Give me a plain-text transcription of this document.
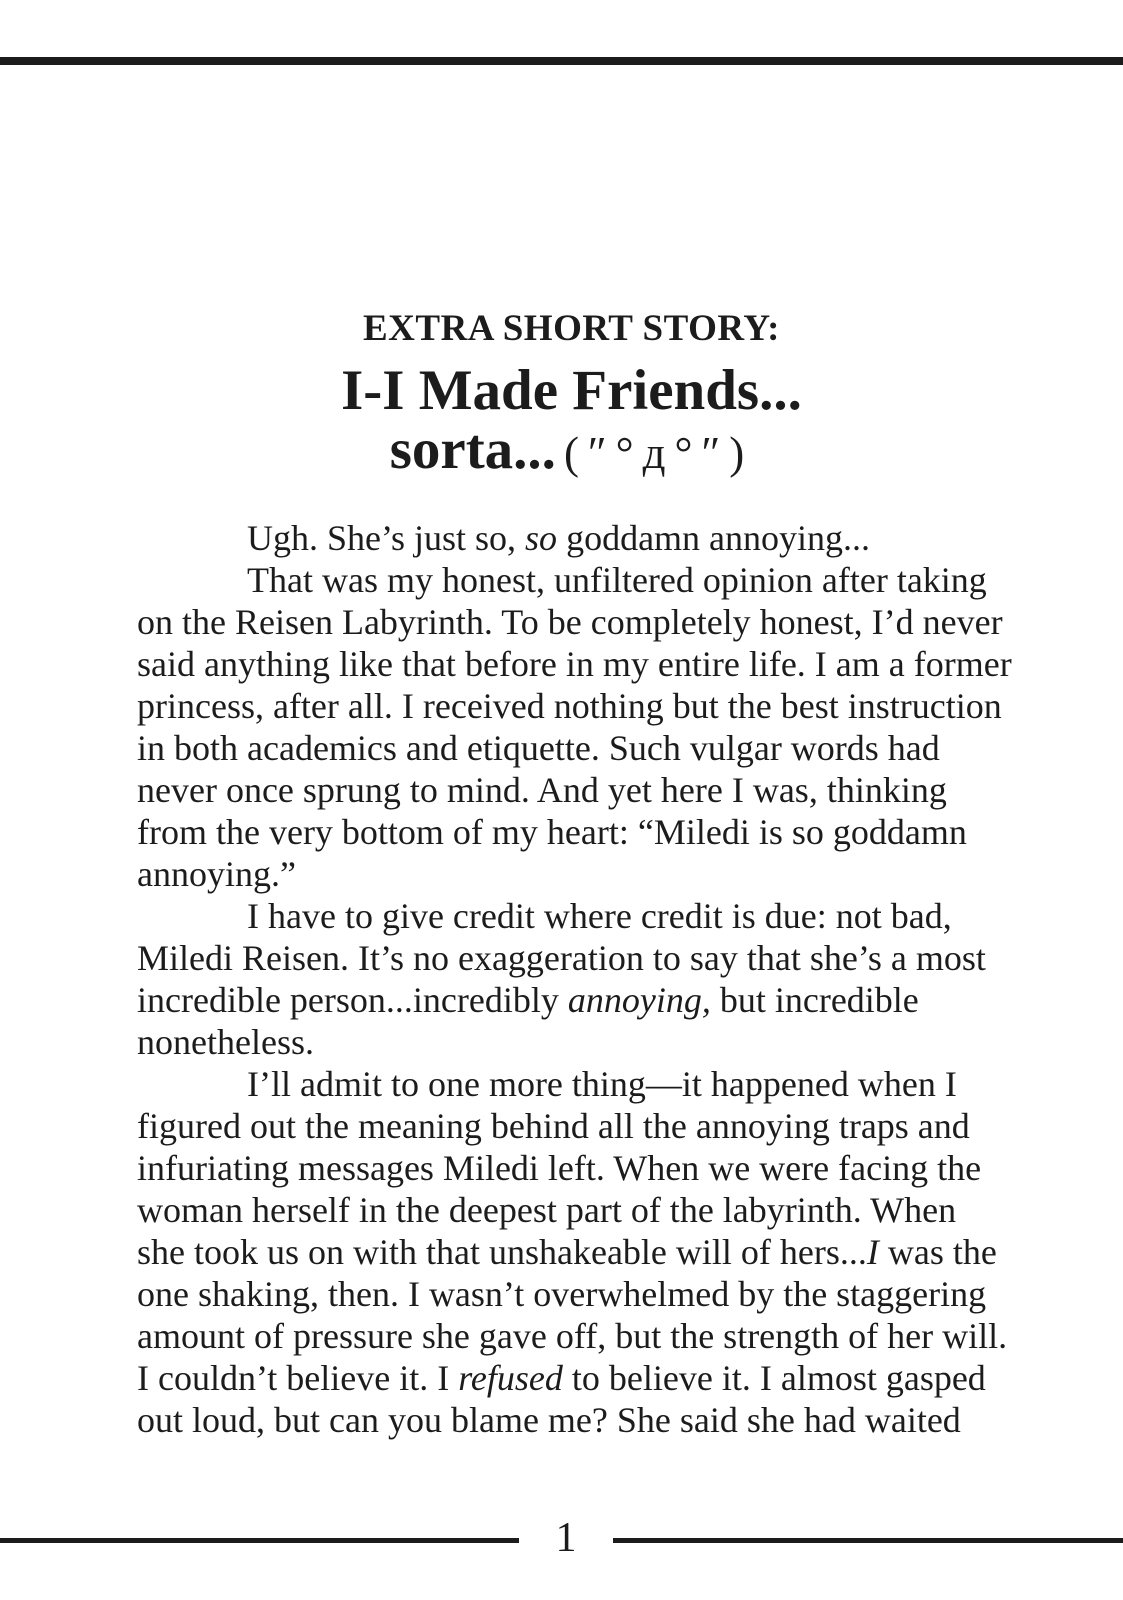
EXTRA SHORT STORY:
I-I Made Friends...
sorta... (″°д°″)
Ugh. She’s just so, so goddamn annoying...
That was my honest, unfiltered opinion after taking
on the Reisen Labyrinth. To be completely honest, I’d never
said anything like that before in my entire life. I am a former
princess, after all. I received nothing but the best instruction
in both academics and etiquette. Such vulgar words had
never once sprung to mind. And yet here I was, thinking
from the very bottom of my heart: “Miledi is so goddamn
annoying.”
I have to give credit where credit is due: not bad,
Miledi Reisen. It’s no exaggeration to say that she’s a most
incredible person...incredibly annoying, but incredible
nonetheless.
I’ll admit to one more thing—it happened when I
figured out the meaning behind all the annoying traps and
infuriating messages Miledi left. When we were facing the
woman herself in the deepest part of the labyrinth. When
she took us on with that unshakeable will of hers...I was the
one shaking, then. I wasn’t overwhelmed by the staggering
amount of pressure she gave off, but the strength of her will.
I couldn’t believe it. I refused to believe it. I almost gasped
out loud, but can you blame me? She said she had waited
1
